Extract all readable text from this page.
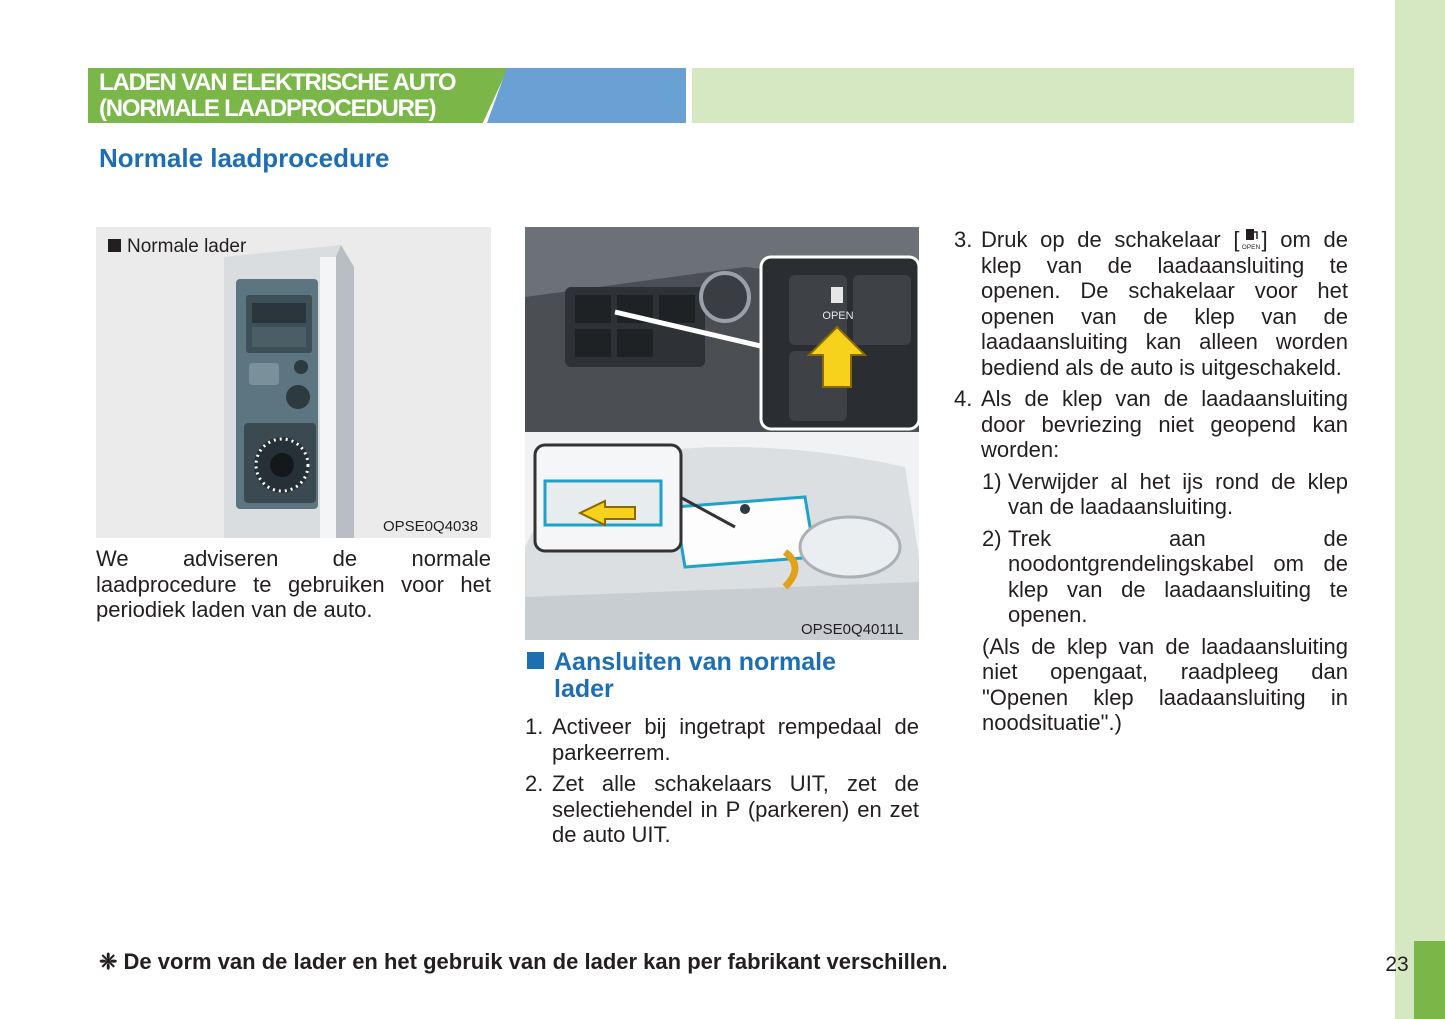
23
LADEN VAN ELEKTRISCHE AUTO
(NORMALE LAADPROCEDURE)
Normale laadprocedure
Normale lader
OPSE0Q4038
We adviseren de normale
laadprocedure te gebruiken voor het
periodiek laden van de auto.
OPEN
OPSE0Q4011L
Aansluiten van normale
lader
1. Activeer bij ingetrapt rempedaal de parkeerrem.
2. Zet alle schakelaars UIT, zet de selectiehendel in P (parkeren) en zet de auto UIT.
3. Druk op de schakelaar [ OPEN ] om de klep van de laadaansluiting te openen. De schakelaar voor het openen van de klep van de laadaansluiting kan alleen worden bediend als de auto is uitgeschakeld.
4. Als de klep van de laadaansluiting door bevriezing niet geopend kan worden:
1) Verwijder al het ijs rond de klep van de laadaansluiting.
2) Trek aan de noodontgrendelingskabel om de klep van de laadaansluiting te openen.
(Als de klep van de laadaansluiting niet opengaat, raadpleeg dan "Openen klep laadaansluiting in noodsituatie".)
❈ De vorm van de lader en het gebruik van de lader kan per fabrikant verschillen.
